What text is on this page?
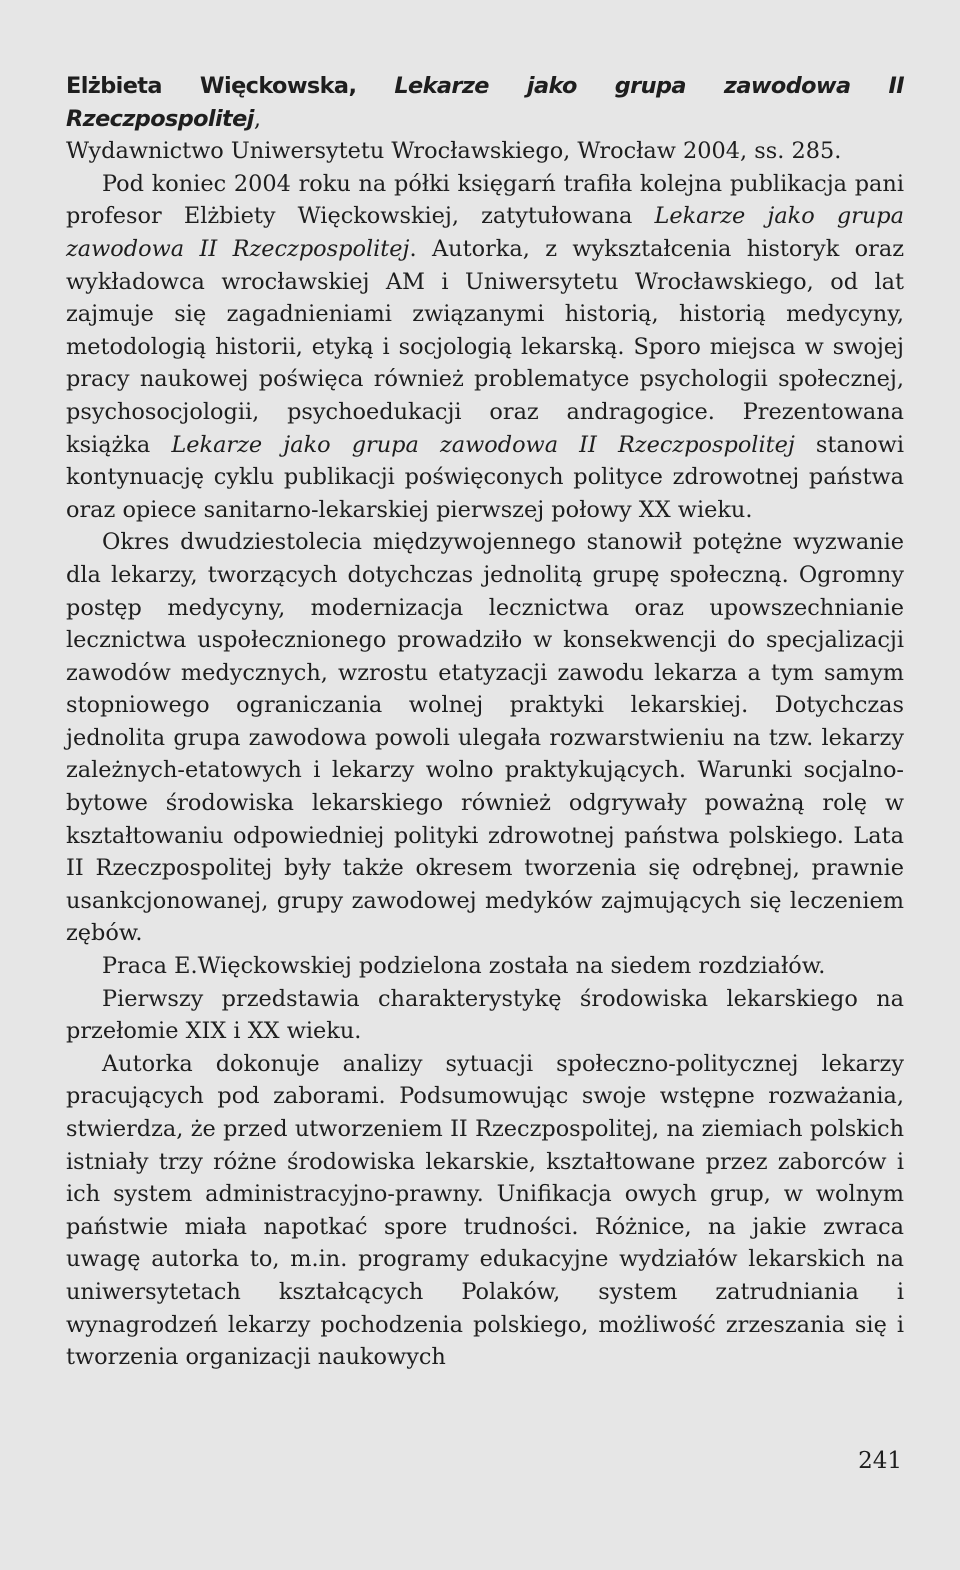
Elżbieta Więckowska, Lekarze jako grupa zawodowa II Rzeczpospolitej,
Wydawnictwo Uniwersytetu Wrocławskiego, Wrocław 2004, ss. 285.

Pod koniec 2004 roku na półki księgarń trafiła kolejna publikacja pani profesor Elżbiety Więckowskiej, zatytułowana Lekarze jako grupa zawodowa II Rzeczpospolitej. Autorka, z wykształcenia historyk oraz wykładowca wrocławskiej AM i Uniwersytetu Wrocławskiego, od lat zajmuje się zagadnieniami związanymi historią, historią medycyny, metodologią historii, etyką i socjologią lekarską. Sporo miejsca w swojej pracy naukowej poświęca również problematyce psychologii społecznej, psychosocjologii, psychoedukacji oraz andragogice. Prezentowana książka Lekarze jako grupa zawodowa II Rzeczpospolitej stanowi kontynuację cyklu publikacji poświęconych polityce zdrowotnej państwa oraz opiece sanitarno-lekarskiej pierwszej połowy XX wieku.

Okres dwudziestolecia międzywojennego stanowił potężne wyzwanie dla lekarzy, tworzących dotychczas jednolitą grupę społeczną. Ogromny postęp medycyny, modernizacja lecznictwa oraz upowszechnianie lecznictwa uspołecznionego prowadziło w konsekwencji do specjalizacji zawodów medycznych, wzrostu etatyzacji zawodu lekarza a tym samym stopniowego ograniczania wolnej praktyki lekarskiej. Dotychczas jednolita grupa zawodowa powoli ulegała rozwarstwieniu na tzw. lekarzy zależnych-etatowych i lekarzy wolno praktykujących. Warunki socjalno-bytowe środowiska lekarskiego również odgrywały poważną rolę w kształtowaniu odpowiedniej polityki zdrowotnej państwa polskiego. Lata II Rzeczpospolitej były także okresem tworzenia się odrębnej, prawnie usankcjonowanej, grupy zawodowej medyków zajmujących się leczeniem zębów.

Praca E.Więckowskiej podzielona została na siedem rozdziałów.

Pierwszy przedstawia charakterystykę środowiska lekarskiego na przełomie XIX i XX wieku.

Autorka dokonuje analizy sytuacji społeczno-politycznej lekarzy pracujących pod zaborami. Podsumowując swoje wstępne rozważania, stwierdza, że przed utworzeniem II Rzeczpospolitej, na ziemiach polskich istniały trzy różne środowiska lekarskie, kształtowane przez zaborców i ich system administracyjno-prawny. Unifikacja owych grup, w wolnym państwie miała napotkać spore trudności. Różnice, na jakie zwraca uwagę autorka to, m.in. programy edukacyjne wydziałów lekarskich na uniwersytetach kształcących Polaków, system zatrudniania i wynagrodzeń lekarzy pochodzenia polskiego, możliwość zrzeszania się i tworzenia organizacji naukowych

241
